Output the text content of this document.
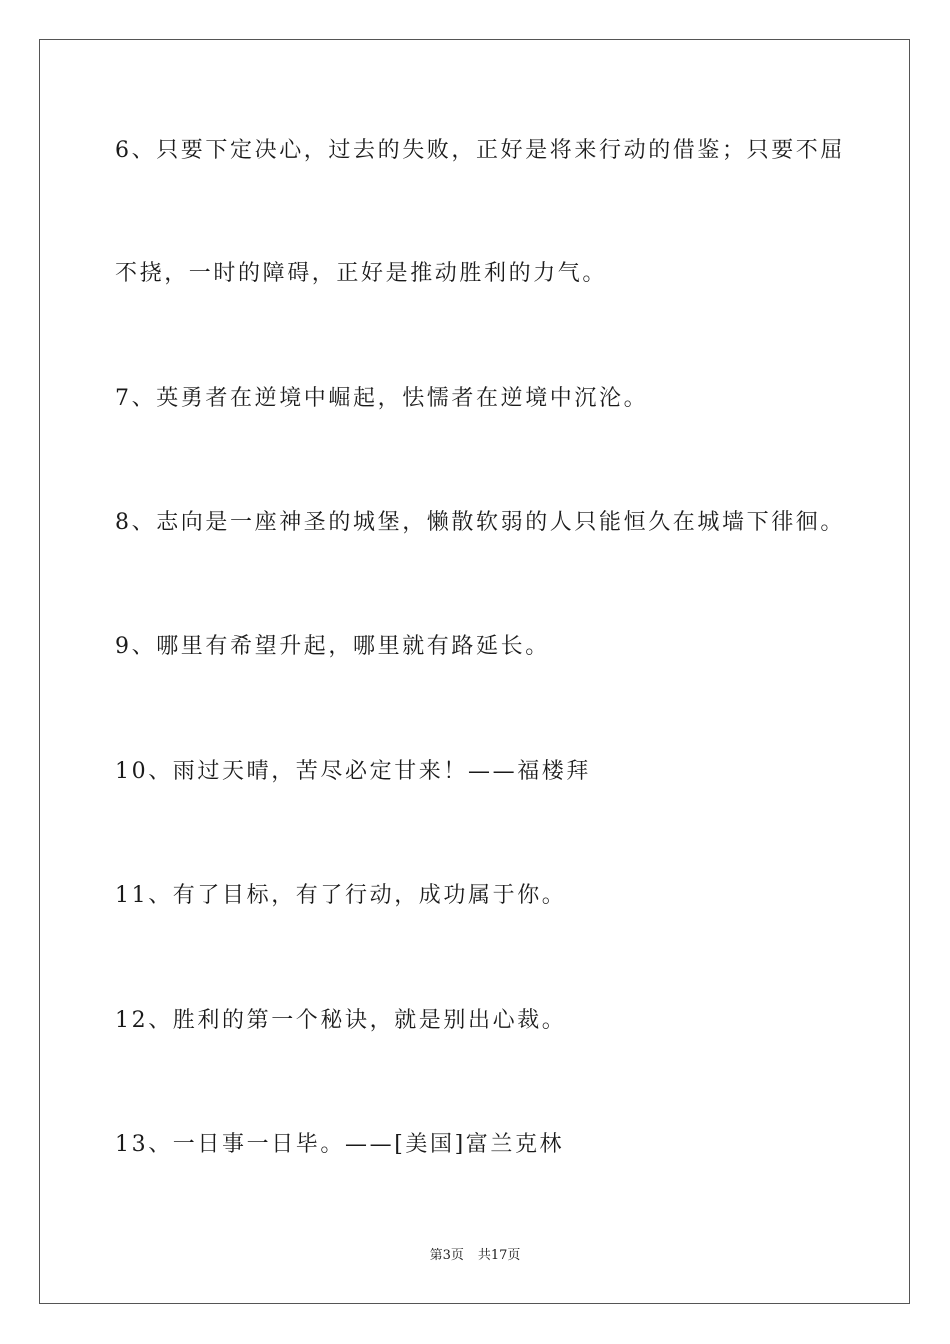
6、只要下定决心，过去的失败，正好是将来行动的借鉴；只要不屈
不挠，一时的障碍，正好是推动胜利的力气。
7、英勇者在逆境中崛起，怯懦者在逆境中沉沦。
8、志向是一座神圣的城堡，懒散软弱的人只能恒久在城墙下徘徊。
9、哪里有希望升起，哪里就有路延长。
10、雨过天晴，苦尽必定甘来！——福楼拜
11、有了目标，有了行动，成功属于你。
12、胜利的第一个秘诀，就是别出心裁。
13、一日事一日毕。——[美国]富兰克林
第3页 共17页
